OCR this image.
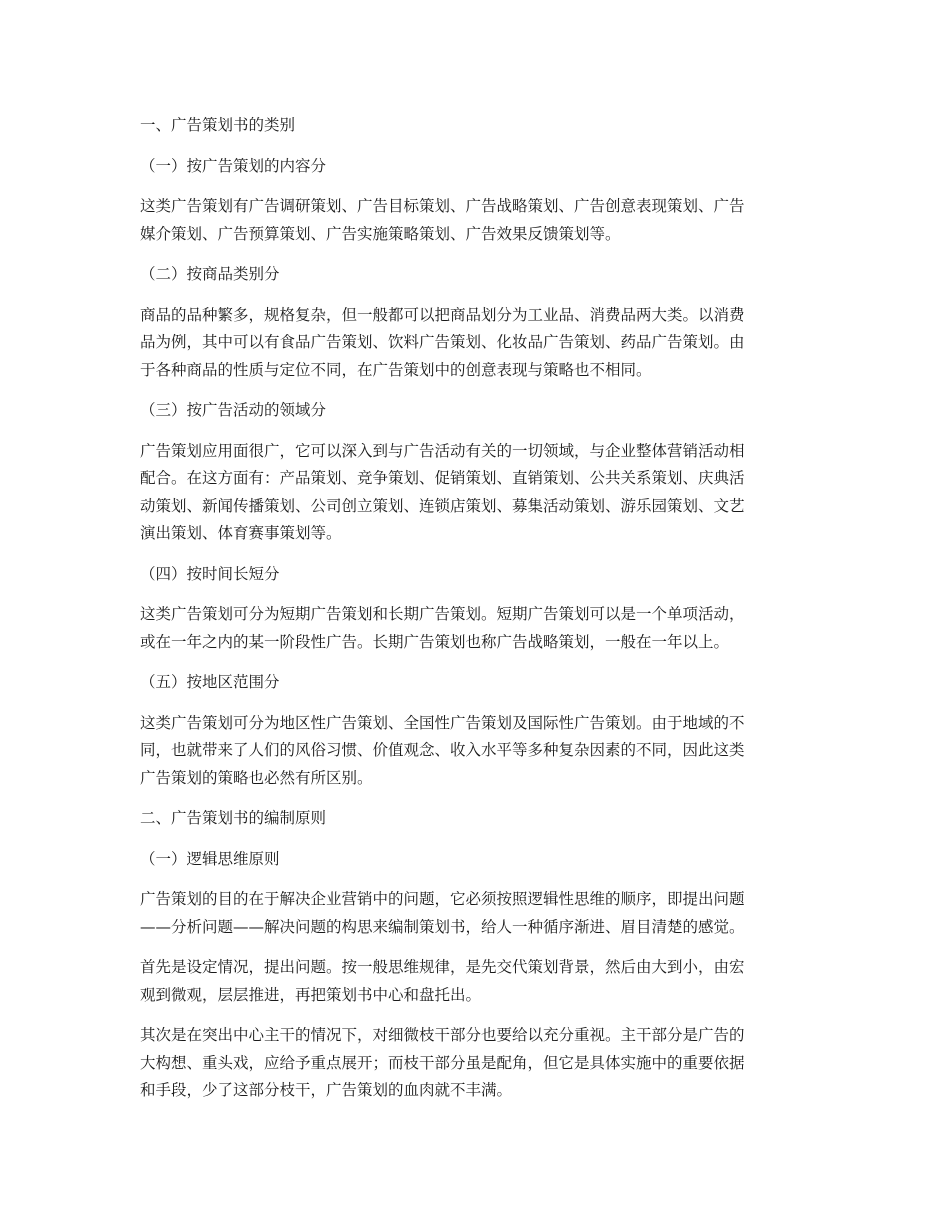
一、广告策划书的类别

（一）按广告策划的内容分

这类广告策划有广告调研策划、广告目标策划、广告战略策划、广告创意表现策划、广告
媒介策划、广告预算策划、广告实施策略策划、广告效果反馈策划等。

（二）按商品类别分

商品的品种繁多，规格复杂，但一般都可以把商品划分为工业品、消费品两大类。以消费
品为例，其中可以有食品广告策划、饮料广告策划、化妆品广告策划、药品广告策划。由
于各种商品的性质与定位不同，在广告策划中的创意表现与策略也不相同。

（三）按广告活动的领域分

广告策划应用面很广，它可以深入到与广告活动有关的一切领域，与企业整体营销活动相
配合。在这方面有：产品策划、竞争策划、促销策划、直销策划、公共关系策划、庆典活
动策划、新闻传播策划、公司创立策划、连锁店策划、募集活动策划、游乐园策划、文艺
演出策划、体育赛事策划等。

（四）按时间长短分

这类广告策划可分为短期广告策划和长期广告策划。短期广告策划可以是一个单项活动，
或在一年之内的某一阶段性广告。长期广告策划也称广告战略策划，一般在一年以上。

（五）按地区范围分

这类广告策划可分为地区性广告策划、全国性广告策划及国际性广告策划。由于地域的不
同，也就带来了人们的风俗习惯、价值观念、收入水平等多种复杂因素的不同，因此这类
广告策划的策略也必然有所区别。

二、广告策划书的编制原则

（一）逻辑思维原则

广告策划的目的在于解决企业营销中的问题，它必须按照逻辑性思维的顺序，即提出问题
——分析问题——解决问题的构思来编制策划书，给人一种循序渐进、眉目清楚的感觉。

首先是设定情况，提出问题。按一般思维规律，是先交代策划背景，然后由大到小，由宏
观到微观，层层推进，再把策划书中心和盘托出。

其次是在突出中心主干的情况下，对细微枝干部分也要给以充分重视。主干部分是广告的
大构想、重头戏，应给予重点展开；而枝干部分虽是配角，但它是具体实施中的重要依据
和手段，少了这部分枝干，广告策划的血肉就不丰满。
